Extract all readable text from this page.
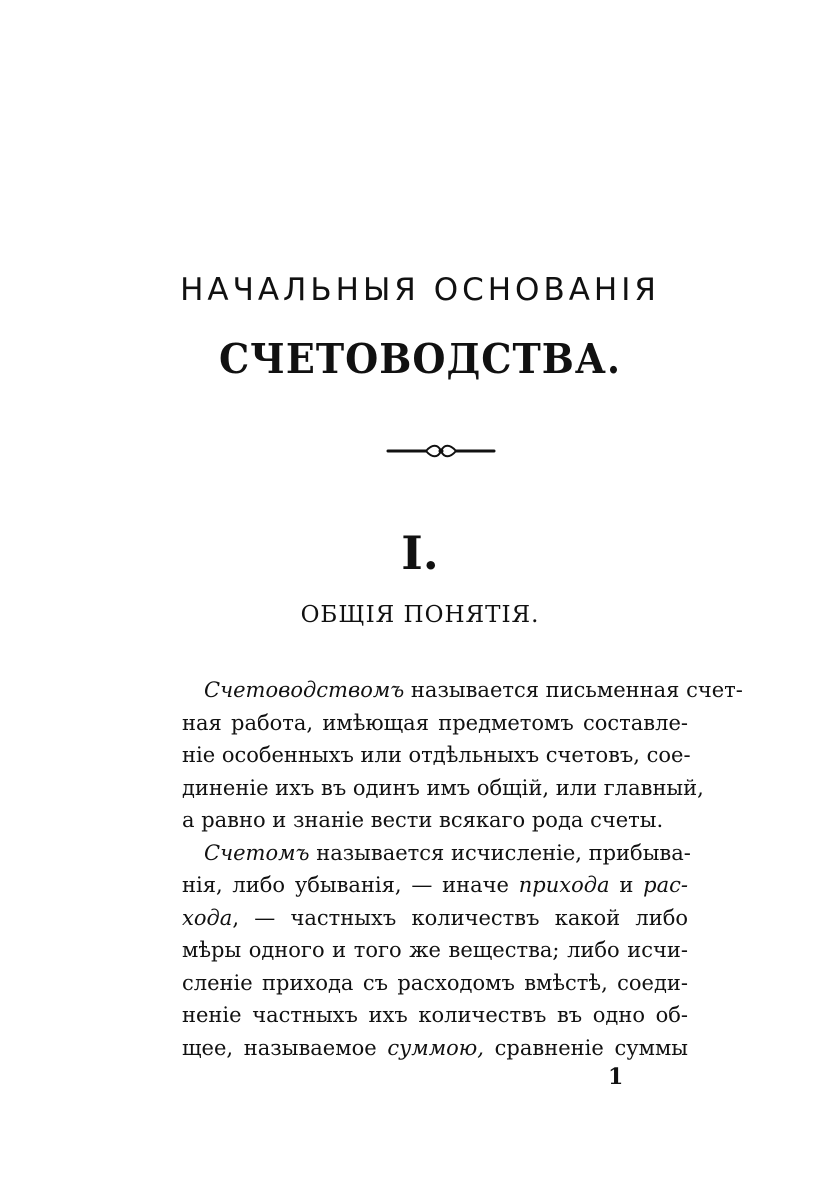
НАЧАЛЬНЫЯ ОСНОВАНIЯ
СЧЕТОВОДСТВА.
I.
ОБЩIЯ ПОНЯТIЯ.
Счетоводствомъ называется письменная счет-
ная работа, имѣющая предметомъ составле-
нiе особенныхъ или отдѣльныхъ счетовъ, сое-
диненiе ихъ въ одинъ имъ общiй, или главный,
а равно и знанiе вести всякаго рода счеты.
Счетомъ называется исчисленiе, прибыва-
нiя, либо убыванiя, — иначе прихода и рас-
хода, — частныхъ количествъ какой либо
мѣры одного и того же вещества; либо исчи-
сленiе прихода съ расходомъ вмѣстѣ, соеди-
ненiе частныхъ ихъ количествъ въ одно об-
щее, называемое суммою, сравненiе суммы
1
